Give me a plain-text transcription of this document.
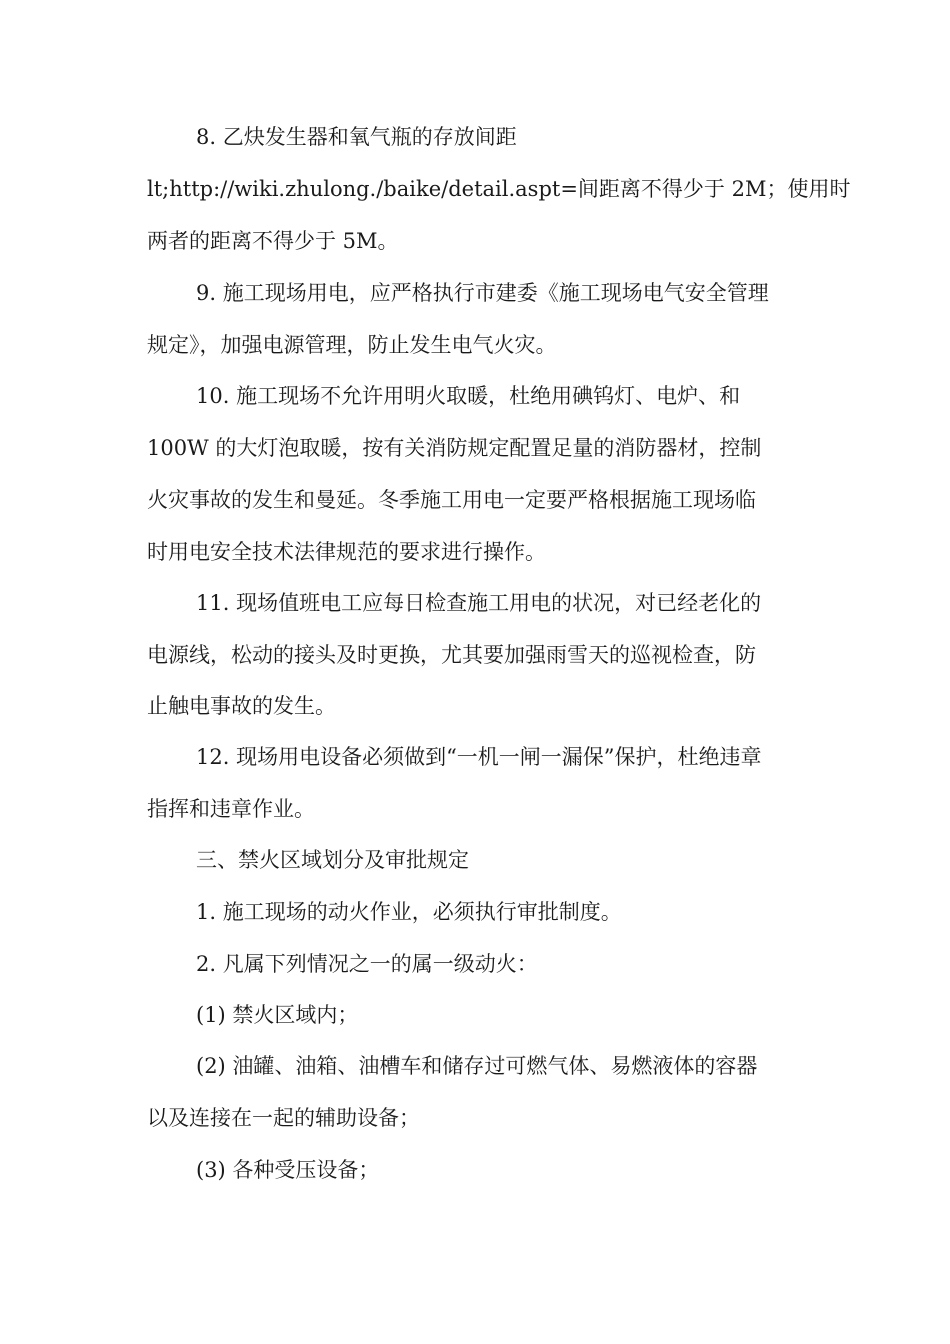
8. 乙炔发生器和氧气瓶的存放间距
lt;http://wiki.zhulong./baike/detail.aspt=间距离不得少于 2M；使用时
两者的距离不得少于 5M。
9. 施工现场用电，应严格执行市建委《施工现场电气安全管理
规定》，加强电源管理，防止发生电气火灾。
10. 施工现场不允许用明火取暖，杜绝用碘钨灯、电炉、和
100W 的大灯泡取暖，按有关消防规定配置足量的消防器材，控制
火灾事故的发生和曼延。冬季施工用电一定要严格根据施工现场临
时用电安全技术法律规范的要求进行操作。
11. 现场值班电工应每日检查施工用电的状况，对已经老化的
电源线，松动的接头及时更换，尤其要加强雨雪天的巡视检查，防
止触电事故的发生。
12. 现场用电设备必须做到“一机一闸一漏保”保护，杜绝违章
指挥和违章作业。
三、禁火区域划分及审批规定
1. 施工现场的动火作业，必须执行审批制度。
2. 凡属下列情况之一的属一级动火：
(1) 禁火区域内；
(2) 油罐、油箱、油槽车和储存过可燃气体、易燃液体的容器
以及连接在一起的辅助设备；
(3) 各种受压设备；
